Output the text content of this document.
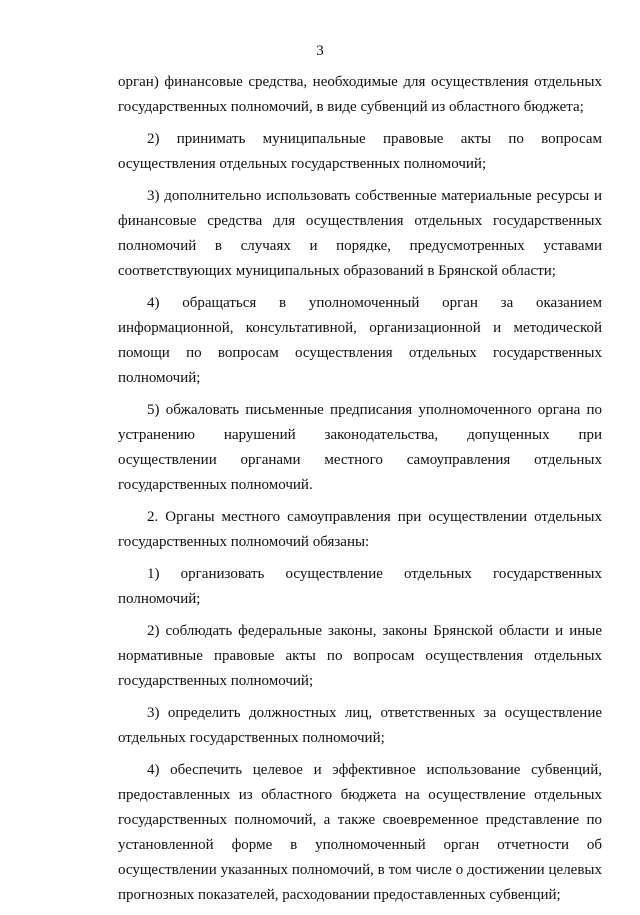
3

орган) финансовые средства, необходимые для осуществления отдельных государственных полномочий, в виде субвенций из областного бюджета;

2) принимать муниципальные правовые акты по вопросам осуществления отдельных государственных полномочий;

3) дополнительно использовать собственные материальные ресурсы и финансовые средства для осуществления отдельных государственных полномочий в случаях и порядке, предусмотренных уставами соответствующих муниципальных образований в Брянской области;

4) обращаться в уполномоченный орган за оказанием информационной, консультативной, организационной и методической помощи по вопросам осуществления отдельных государственных полномочий;

5) обжаловать письменные предписания уполномоченного органа по устранению нарушений законодательства, допущенных при осуществлении органами местного самоуправления отдельных государственных полномочий.

2. Органы местного самоуправления при осуществлении отдельных государственных полномочий обязаны:

1) организовать осуществление отдельных государственных полномочий;

2) соблюдать федеральные законы, законы Брянской области и иные нормативные правовые акты по вопросам осуществления отдельных государственных полномочий;

3) определить должностных лиц, ответственных за осуществление отдельных государственных полномочий;

4) обеспечить целевое и эффективное использование субвенций, предоставленных из областного бюджета на осуществление отдельных государственных полномочий, а также своевременное представление по установленной форме в уполномоченный орган отчетности об осуществлении указанных полномочий, в том числе о достижении целевых прогнозных показателей, расходовании предоставленных субвенций;
